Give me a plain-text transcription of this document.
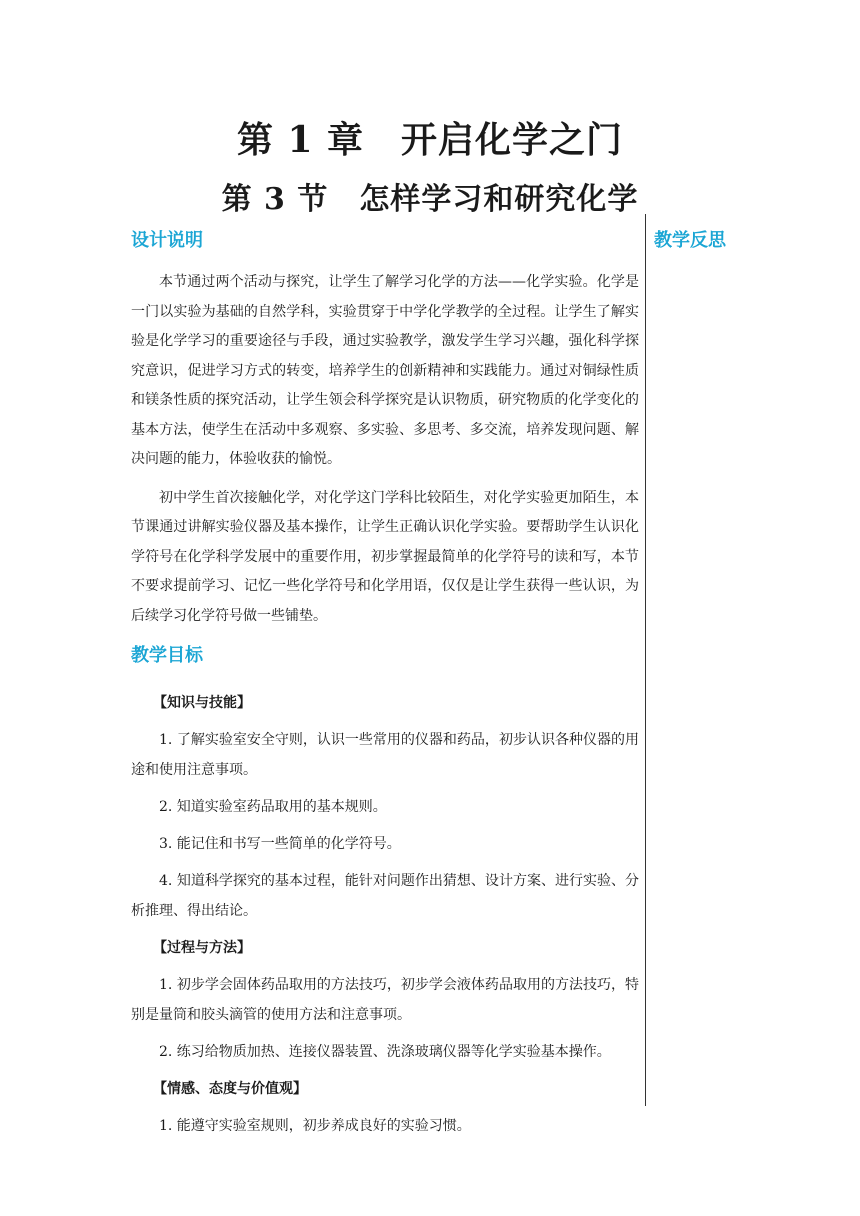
第 1 章　开启化学之门
第 3 节　怎样学习和研究化学
设计说明

本节通过两个活动与探究，让学生了解学习化学的方法——化学实验。化学是一门以实验为基础的自然学科，实验贯穿于中学化学教学的全过程。让学生了解实验是化学学习的重要途径与手段，通过实验教学，激发学生学习兴趣，强化科学探究意识，促进学习方式的转变，培养学生的创新精神和实践能力。通过对铜绿性质和镁条性质的探究活动，让学生领会科学探究是认识物质，研究物质的化学变化的基本方法，使学生在活动中多观察、多实验、多思考、多交流，培养发现问题、解决问题的能力，体验收获的愉悦。

初中学生首次接触化学，对化学这门学科比较陌生，对化学实验更加陌生，本节课通过讲解实验仪器及基本操作，让学生正确认识化学实验。要帮助学生认识化学符号在化学科学发展中的重要作用，初步掌握最简单的化学符号的读和写，本节不要求提前学习、记忆一些化学符号和化学用语，仅仅是让学生获得一些认识，为后续学习化学符号做一些铺垫。

教学目标

【知识与技能】

1. 了解实验室安全守则，认识一些常用的仪器和药品，初步认识各种仪器的用途和使用注意事项。

2. 知道实验室药品取用的基本规则。

3. 能记住和书写一些简单的化学符号。

4. 知道科学探究的基本过程，能针对问题作出猜想、设计方案、进行实验、分析推理、得出结论。

【过程与方法】

1. 初步学会固体药品取用的方法技巧，初步学会液体药品取用的方法技巧，特别是量筒和胶头滴管的使用方法和注意事项。

2. 练习给物质加热、连接仪器装置、洗涤玻璃仪器等化学实验基本操作。

【情感、态度与价值观】

1. 能遵守实验室规则，初步养成良好的实验习惯。

教学反思
